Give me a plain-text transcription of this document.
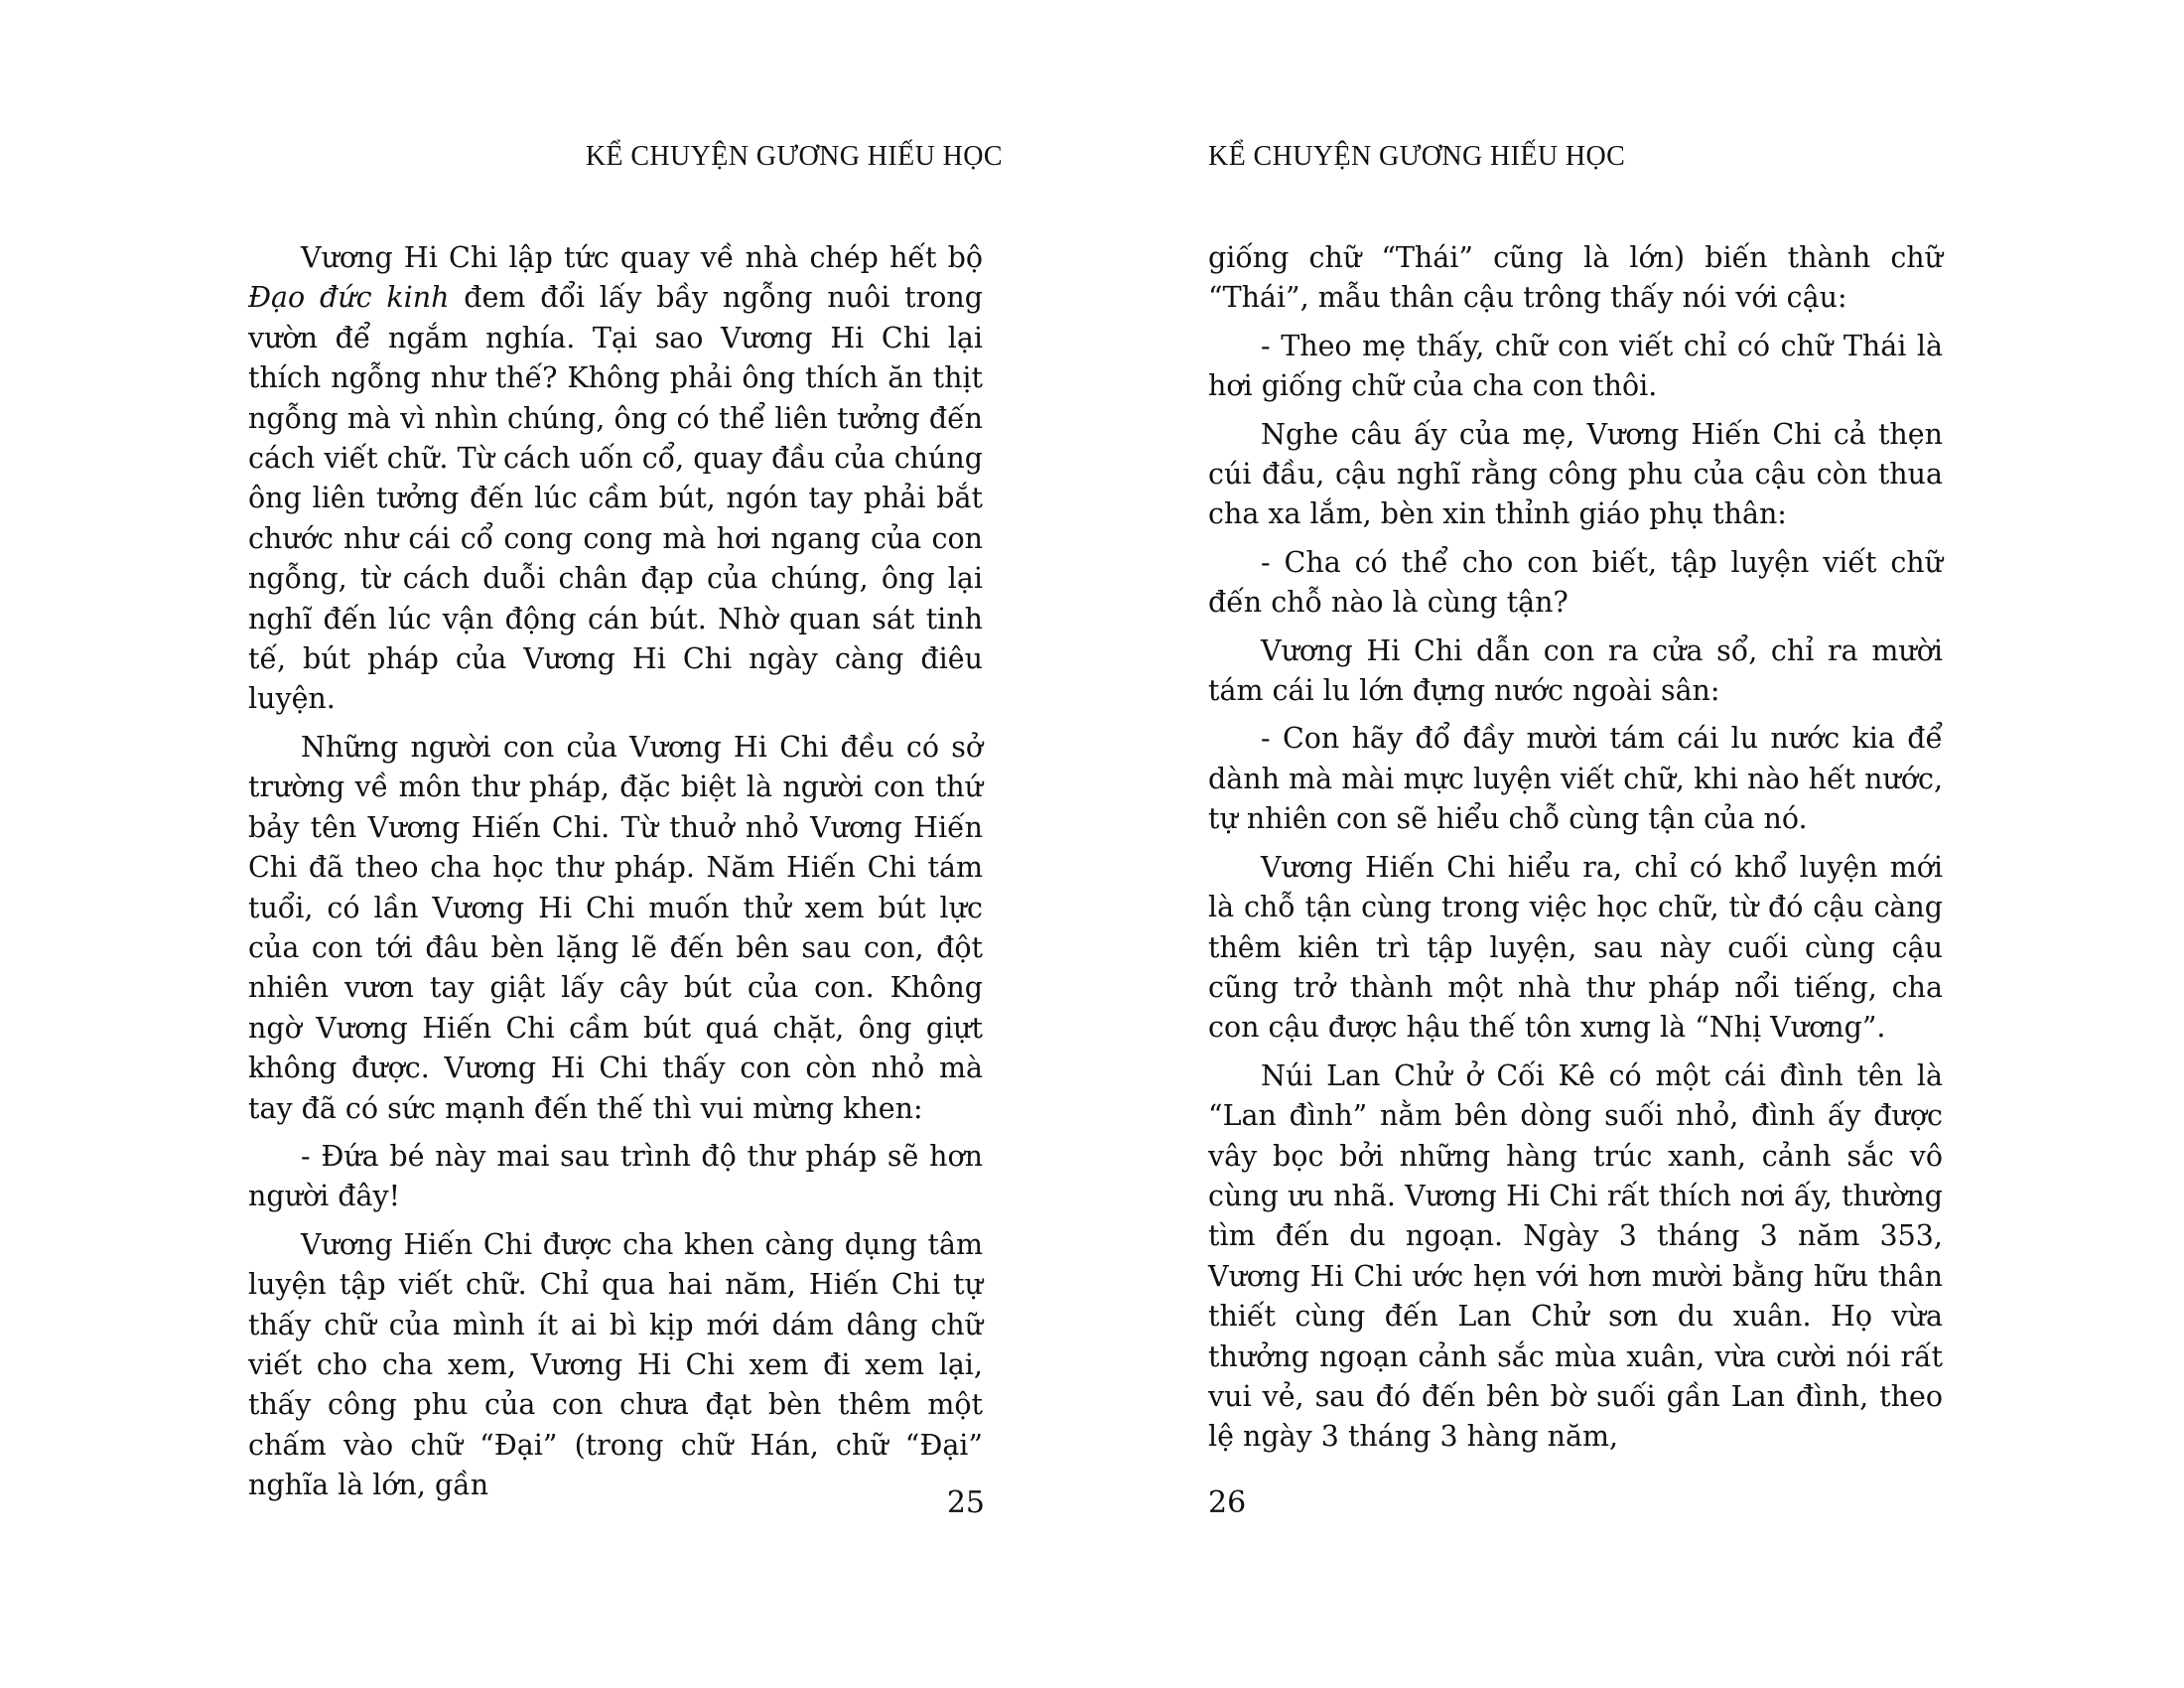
KỂ CHUYỆN GƯƠNG HIẾU HỌC

Vương Hi Chi lập tức quay về nhà chép hết bộ Đạo đức kinh đem đổi lấy bầy ngỗng nuôi trong vườn để ngắm nghía. Tại sao Vương Hi Chi lại thích ngỗng như thế? Không phải ông thích ăn thịt ngỗng mà vì nhìn chúng, ông có thể liên tưởng đến cách viết chữ. Từ cách uốn cổ, quay đầu của chúng ông liên tưởng đến lúc cầm bút, ngón tay phải bắt chước như cái cổ cong cong mà hơi ngang của con ngỗng, từ cách duỗi chân đạp của chúng, ông lại nghĩ đến lúc vận động cán bút. Nhờ quan sát tinh tế, bút pháp của Vương Hi Chi ngày càng điêu luyện.

Những người con của Vương Hi Chi đều có sở trường về môn thư pháp, đặc biệt là người con thứ bảy tên Vương Hiến Chi. Từ thuở nhỏ Vương Hiến Chi đã theo cha học thư pháp. Năm Hiến Chi tám tuổi, có lần Vương Hi Chi muốn thử xem bút lực của con tới đâu bèn lặng lẽ đến bên sau con, đột nhiên vươn tay giật lấy cây bút của con. Không ngờ Vương Hiến Chi cầm bút quá chặt, ông giựt không được. Vương Hi Chi thấy con còn nhỏ mà tay đã có sức mạnh đến thế thì vui mừng khen:

- Đứa bé này mai sau trình độ thư pháp sẽ hơn người đây!

Vương Hiến Chi được cha khen càng dụng tâm luyện tập viết chữ. Chỉ qua hai năm, Hiến Chi tự thấy chữ của mình ít ai bì kịp mới dám dâng chữ viết cho cha xem, Vương Hi Chi xem đi xem lại, thấy công phu của con chưa đạt bèn thêm một chấm vào chữ “Đại” (trong chữ Hán, chữ “Đại” nghĩa là lớn, gần

25
KỂ CHUYỆN GƯƠNG HIẾU HỌC

giống chữ “Thái” cũng là lớn) biến thành chữ “Thái”, mẫu thân cậu trông thấy nói với cậu:

- Theo mẹ thấy, chữ con viết chỉ có chữ Thái là hơi giống chữ của cha con thôi.

Nghe câu ấy của mẹ, Vương Hiến Chi cả thẹn cúi đầu, cậu nghĩ rằng công phu của cậu còn thua cha xa lắm, bèn xin thỉnh giáo phụ thân:

- Cha có thể cho con biết, tập luyện viết chữ đến chỗ nào là cùng tận?

Vương Hi Chi dẫn con ra cửa sổ, chỉ ra mười tám cái lu lớn đựng nước ngoài sân:

- Con hãy đổ đầy mười tám cái lu nước kia để dành mà mài mực luyện viết chữ, khi nào hết nước, tự nhiên con sẽ hiểu chỗ cùng tận của nó.

Vương Hiến Chi hiểu ra, chỉ có khổ luyện mới là chỗ tận cùng trong việc học chữ, từ đó cậu càng thêm kiên trì tập luyện, sau này cuối cùng cậu cũng trở thành một nhà thư pháp nổi tiếng, cha con cậu được hậu thế tôn xưng là “Nhị Vương”.

Núi Lan Chử ở Cối Kê có một cái đình tên là “Lan đình” nằm bên dòng suối nhỏ, đình ấy được vây bọc bởi những hàng trúc xanh, cảnh sắc vô cùng ưu nhã. Vương Hi Chi rất thích nơi ấy, thường tìm đến du ngoạn. Ngày 3 tháng 3 năm 353, Vương Hi Chi ước hẹn với hơn mười bằng hữu thân thiết cùng đến Lan Chử sơn du xuân. Họ vừa thưởng ngoạn cảnh sắc mùa xuân, vừa cười nói rất vui vẻ, sau đó đến bên bờ suối gần Lan đình, theo lệ ngày 3 tháng 3 hàng năm,

26
